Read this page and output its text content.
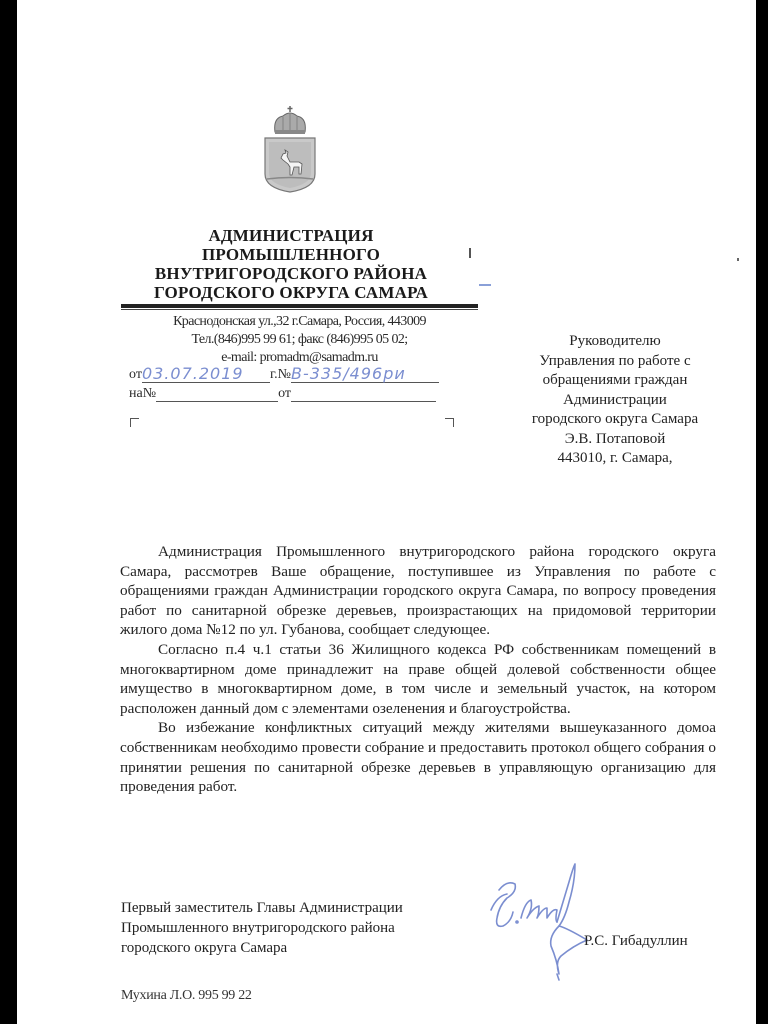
АДМИНИСТРАЦИЯ
ПРОМЫШЛЕННОГО
ВНУТРИГОРОДСКОГО РАЙОНА
ГОРОДСКОГО ОКРУГА САМАРА
Краснодонская ул.,32 г.Самара, Россия, 443009
Тел.(846)995 99 61; факс (846)995 05 02;
e-mail: promadm@samadm.ru
от03.07.2019 г.№В-335/496ри
на№	от
Руководителю
Управления по работе с
обращениями граждан
Администрации
городского округа Самара
Э.В. Потаповой
443010, г. Самара,

Администрация Промышленного внутригородского района городского округа Самара, рассмотрев Ваше обращение, поступившее из Управления по работе с обращениями граждан Администрации городского округа Самара, по вопросу проведения работ по санитарной обрезке деревьев, произрастающих на придомовой территории жилого дома №12 по ул. Губанова, сообщает следующее.

Согласно п.4 ч.1 статьи 36 Жилищного кодекса РФ собственникам помещений в многоквартирном доме принадлежит на праве общей долевой собственности общее имущество в многоквартирном доме, в том числе и земельный участок, на котором расположен данный дом с элементами озеленения и благоустройства.

Во избежание конфликтных ситуаций между жителями вышеуказанного домоа собственникам необходимо провести собрание и предоставить протокол общего собрания о принятии решения по санитарной обрезке деревьев в управляющую организацию для проведения работ.

Первый заместитель Главы Администрации
Промышленного внутригородского района
городского округа Самара	Р.С. Гибадуллин
Мухина Л.О. 995 99 22
